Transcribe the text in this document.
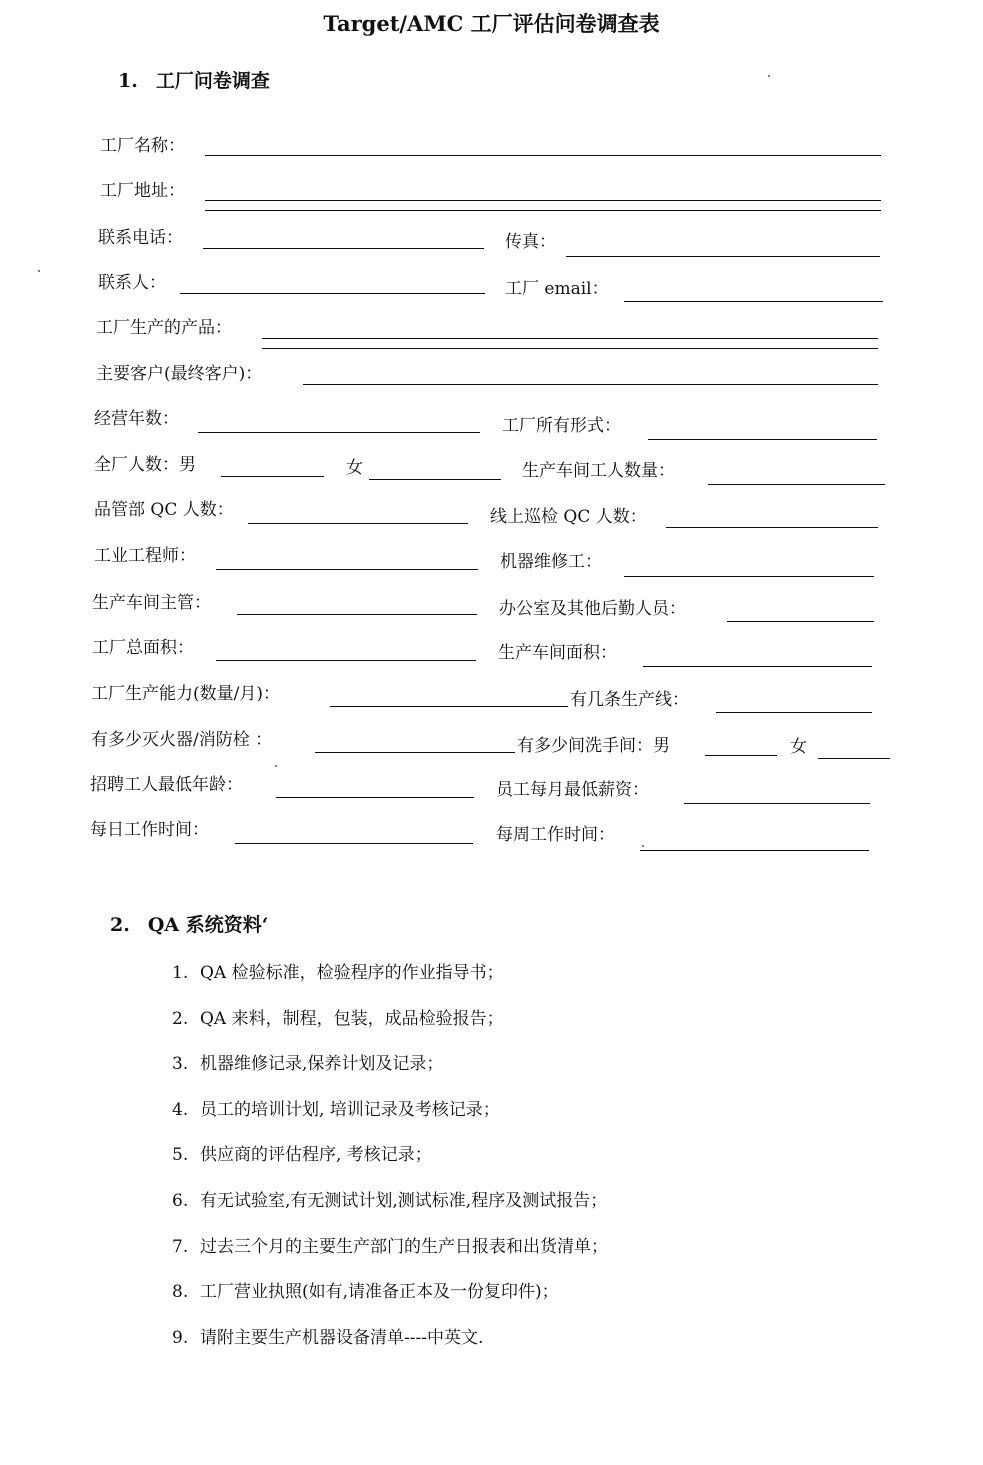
Target/AMC 工厂评估问卷调查表
1. 工厂问卷调查
工厂名称：
工厂地址：
联系电话：	传真：
联系人：	工厂 email：
工厂生产的产品：
主要客户(最终客户)：
经营年数：	工厂所有形式：
全厂人数：男	女	生产车间工人数量：
品管部 QC 人数：	线上巡检 QC 人数：
工业工程师：	机器维修工：
生产车间主管：	办公室及其他后勤人员：
工厂总面积：	生产车间面积：
工厂生产能力(数量/月)：	有几条生产线：
有多少灭火器/消防栓 ：	有多少间洗手间：男	女
招聘工人最低年龄：	员工每月最低薪资：
每日工作时间：	每周工作时间：
2. QA 系统资料‘
1. QA 检验标准，检验程序的作业指导书；
2. QA 来料，制程，包装，成品检验报告；
3. 机器维修记录,保养计划及记录；
4. 员工的培训计划, 培训记录及考核记录；
5. 供应商的评估程序, 考核记录；
6. 有无试验室,有无测试计划,测试标准,程序及测试报告；
7. 过去三个月的主要生产部门的生产日报表和出货清单；
8. 工厂营业执照(如有,请准备正本及一份复印件)；
9. 请附主要生产机器设备清单----中英文.
